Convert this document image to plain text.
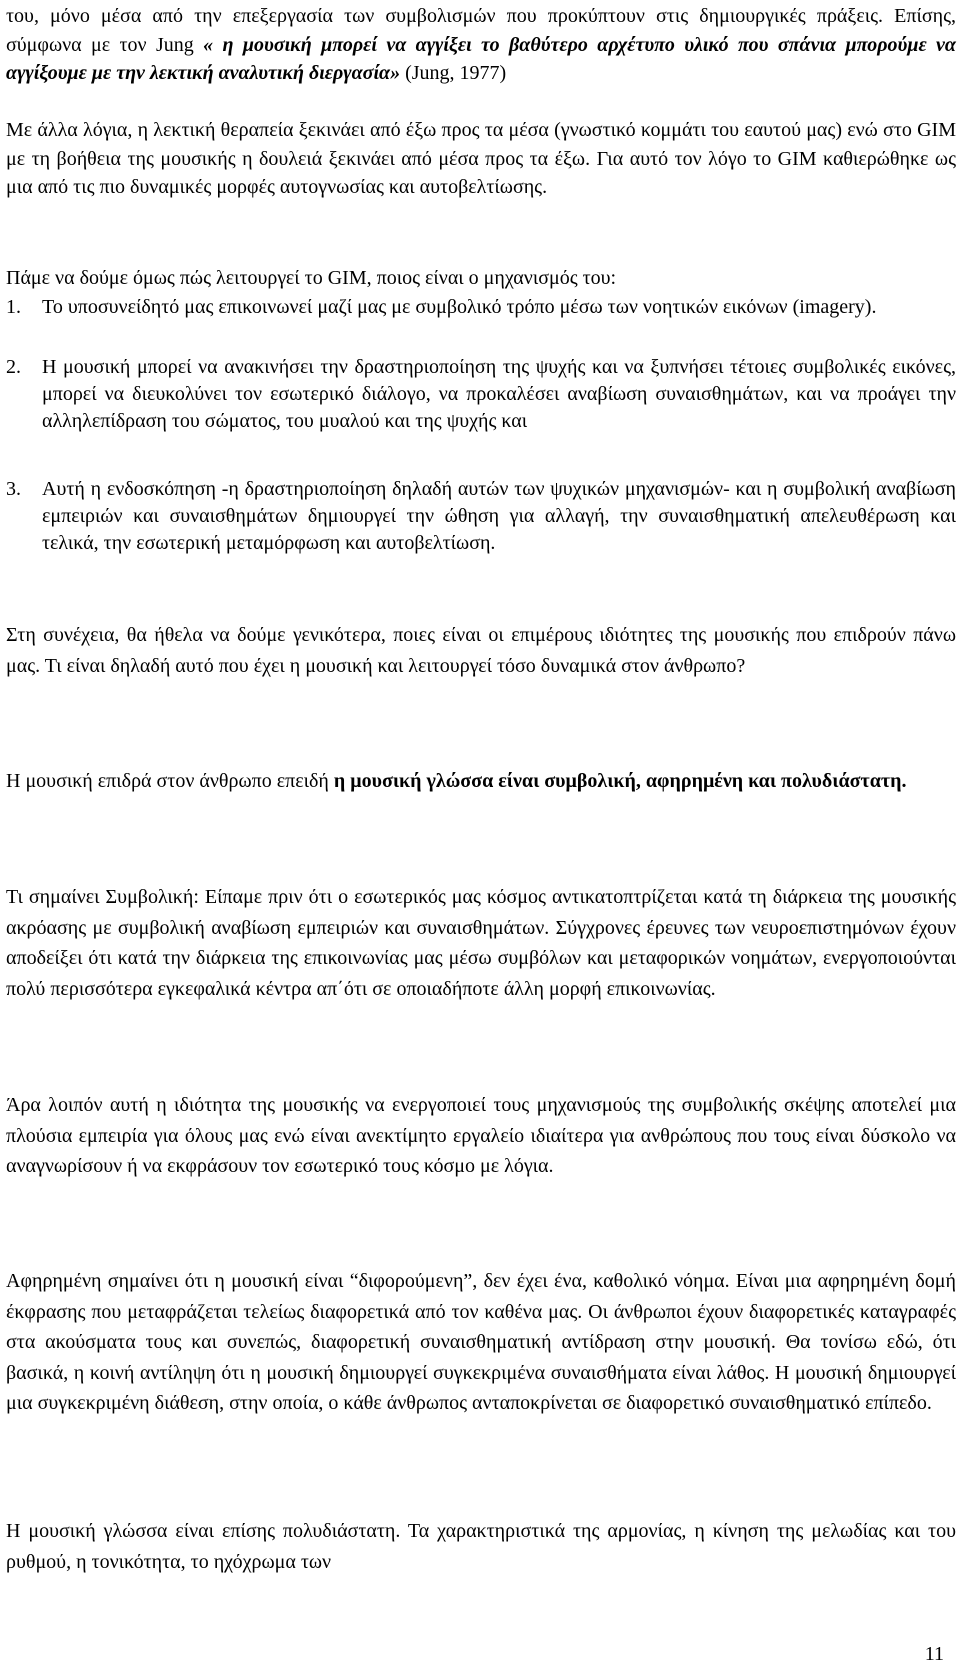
του, μόνο μέσα από την επεξεργασία των συμβολισμών που προκύπτουν στις δημιουργικές πράξεις. Επίσης, σύμφωνα με τον Jung « η μουσική μπορεί να αγγίξει το βαθύτερο αρχέτυπο υλικό που σπάνια μπορούμε να αγγίξουμε με την λεκτική αναλυτική διεργασία» (Jung, 1977)

Με άλλα λόγια, η λεκτική θεραπεία ξεκινάει από έξω προς τα μέσα (γνωστικό κομμάτι του εαυτού μας) ενώ στο GIM με τη βοήθεια της μουσικής η δουλειά ξεκινάει από μέσα προς τα έξω. Για αυτό τον λόγο το GIM καθιερώθηκε ως μια από τις πιο δυναμικές μορφές αυτογνωσίας και αυτοβελτίωσης.

Πάμε να δούμε όμως πώς λειτουργεί το GIM, ποιος είναι ο μηχανισμός του:

1.	Το υποσυνείδητό μας επικοινωνεί μαζί μας με συμβολικό τρόπο μέσω των νοητικών εικόνων (imagery).
2.	Η μουσική μπορεί να ανακινήσει την δραστηριοποίηση της ψυχής και να ξυπνήσει τέτοιες συμβολικές εικόνες, μπορεί να διευκολύνει τον εσωτερικό διάλογο, να προκαλέσει αναβίωση συναισθημάτων, και να προάγει την αλληλεπίδραση του σώματος, του μυαλού και της ψυχής και
3.	Αυτή η ενδοσκόπηση -η δραστηριοποίηση δηλαδή αυτών των ψυχικών μηχανισμών- και η συμβολική αναβίωση εμπειριών και συναισθημάτων δημιουργεί την ώθηση για αλλαγή, την συναισθηματική απελευθέρωση και τελικά, την εσωτερική μεταμόρφωση και αυτοβελτίωση.

Στη συνέχεια, θα ήθελα να δούμε γενικότερα, ποιες είναι οι επιμέρους ιδιότητες της μουσικής που επιδρούν πάνω μας. Τι είναι δηλαδή αυτό που έχει η μουσική και λειτουργεί τόσο δυναμικά στον άνθρωπο?

Η μουσική επιδρά στον άνθρωπο επειδή η μουσική γλώσσα είναι συμβολική, αφηρημένη και πολυδιάστατη.

Τι σημαίνει Συμβολική: Είπαμε πριν ότι ο εσωτερικός μας κόσμος αντικατοπτρίζεται κατά τη διάρκεια της μουσικής ακρόασης με συμβολική αναβίωση εμπειριών και συναισθημάτων. Σύγχρονες έρευνες των νευροεπιστημόνων έχουν αποδείξει ότι κατά την διάρκεια της επικοινωνίας μας μέσω συμβόλων και μεταφορικών νοημάτων, ενεργοποιούνται πολύ περισσότερα εγκεφαλικά κέντρα απ΄ότι σε οποιαδήποτε άλλη μορφή επικοινωνίας.

Άρα λοιπόν αυτή η ιδιότητα της μουσικής να ενεργοποιεί τους μηχανισμούς της συμβολικής σκέψης αποτελεί μια πλούσια εμπειρία για όλους μας ενώ είναι ανεκτίμητο εργαλείο ιδιαίτερα για ανθρώπους που τους είναι δύσκολο να αναγνωρίσουν ή να εκφράσουν τον εσωτερικό τους κόσμο με λόγια.

Αφηρημένη σημαίνει ότι η μουσική είναι “διφορούμενη”, δεν έχει ένα, καθολικό νόημα. Είναι μια αφηρημένη δομή έκφρασης που μεταφράζεται τελείως διαφορετικά από τον καθένα μας. Οι άνθρωποι έχουν διαφορετικές καταγραφές στα ακούσματα τους και συνεπώς, διαφορετική συναισθηματική αντίδραση στην μουσική. Θα τονίσω εδώ, ότι βασικά, η κοινή αντίληψη ότι η μουσική δημιουργεί συγκεκριμένα συναισθήματα είναι λάθος. Η μουσική δημιουργεί μια συγκεκριμένη διάθεση, στην οποία, ο κάθε άνθρωπος ανταποκρίνεται σε διαφορετικό συναισθηματικό επίπεδο.

Η μουσική γλώσσα είναι επίσης πολυδιάστατη. Τα χαρακτηριστικά της αρμονίας, η κίνηση της μελωδίας και του ρυθμού, η τονικότητα, το ηχόχρωμα των

11
